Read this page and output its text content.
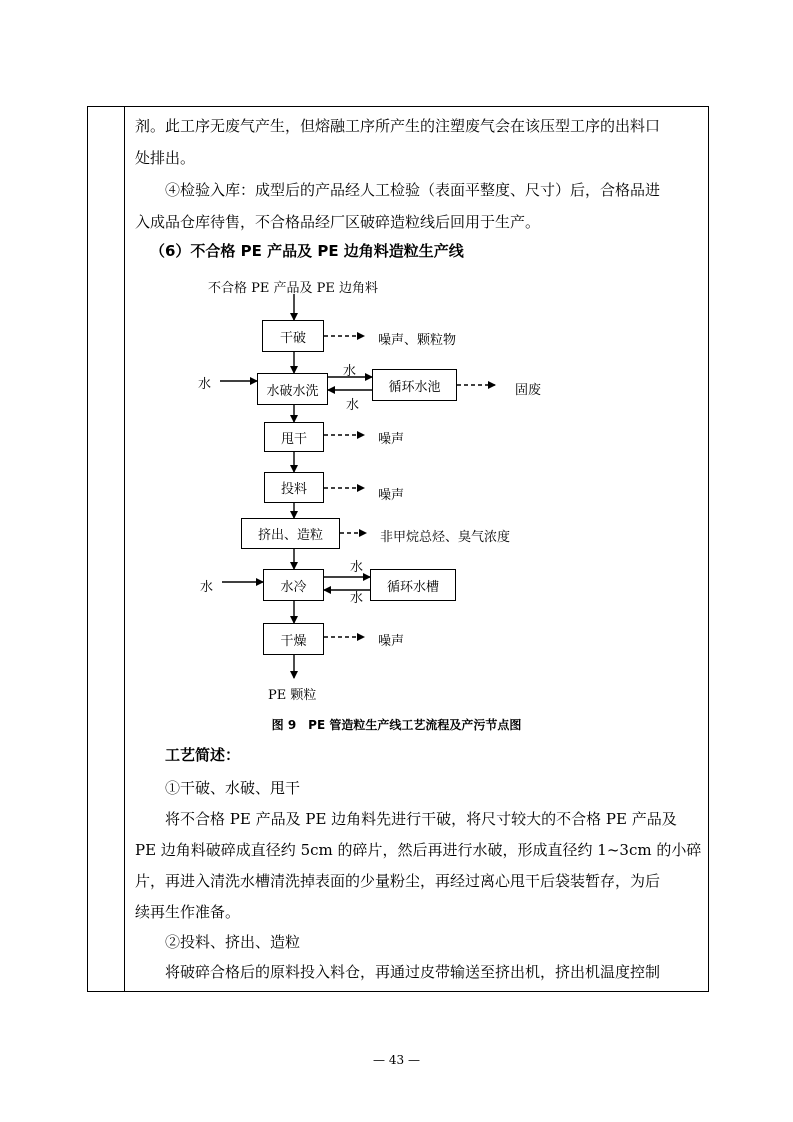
剂。此工序无废气产生，但熔融工序所产生的注塑废气会在该压型工序的出料口
处排出。
④检验入库：成型后的产品经人工检验（表面平整度、尺寸）后，合格品进
入成品仓库待售，不合格品经厂区破碎造粒线后回用于生产。
（6）不合格 PE 产品及 PE 边角料造粒生产线
不合格 PE 产品及 PE 边角料
干破	噪声、颗粒物
水	水破水洗
水
水
循环水池	固废
甩干	噪声
投料	噪声
挤出、造粒	非甲烷总烃、臭气浓度
水	水冷
水
水
循环水槽
干燥	噪声
PE 颗粒
图 9　PE 管造粒生产线工艺流程及产污节点图
工艺简述：
①干破、水破、甩干
将不合格 PE 产品及 PE 边角料先进行干破，将尺寸较大的不合格 PE 产品及
PE 边角料破碎成直径约 5cm 的碎片，然后再进行水破，形成直径约 1~3cm 的小碎
片，再进入清洗水槽清洗掉表面的少量粉尘，再经过离心甩干后袋装暂存，为后
续再生作准备。
②投料、挤出、造粒
将破碎合格后的原料投入料仓，再通过皮带输送至挤出机，挤出机温度控制
— 43 —
